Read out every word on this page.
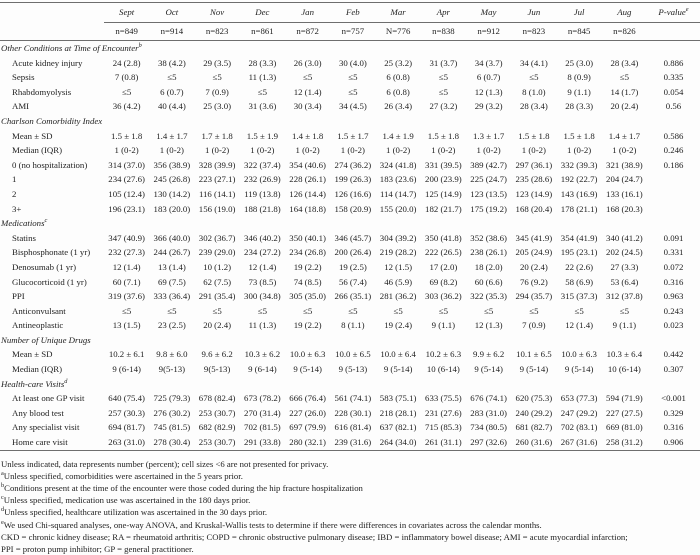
	Sept	Oct	Nov	Dec	Jan	Feb	Mar	Apr	May	Jun	Jul	Aug	P-value$^e$
	n=849	n=914	n=823	n=861	n=872	n=757	N=776	n=838	n=912	n=823	n=845	n=826	
Other Conditions at Time of Encounter$^b$
Acute kidney injury	24 (2.8)	38 (4.2)	29 (3.5)	28 (3.3)	26 (3.0)	30 (4.0)	25 (3.2)	31 (3.7)	34 (3.7)	34 (4.1)	25 (3.0)	28 (3.4)	0.886
Sepsis	7 (0.8)	≤5	≤5	11 (1.3)	≤5	≤5	6 (0.8)	≤5	6 (0.7)	≤5	8 (0.9)	≤5	0.335
Rhabdomyolysis	≤5	6 (0.7)	7 (0.9)	≤5	12 (1.4)	≤5	6 (0.8)	≤5	12 (1.3)	8 (1.0)	9 (1.1)	14 (1.7)	0.054
AMI	36 (4.2)	40 (4.4)	25 (3.0)	31 (3.6)	30 (3.4)	34 (4.5)	26 (3.4)	27 (3.2)	29 (3.2)	28 (3.4)	28 (3.3)	20 (2.4)	0.56
Charlson Comorbidity Index													
Mean ± SD	1.5 ± 1.8	1.4 ± 1.7	1.7 ± 1.8	1.5 ± 1.9	1.4 ± 1.8	1.5 ± 1.7	1.4 ± 1.9	1.5 ± 1.8	1.3 ± 1.7	1.5 ± 1.8	1.5 ± 1.8	1.4 ± 1.7	0.586
Median (IQR)	1 (0-2)	1 (0-2)	1 (0-2)	1 (0-2)	1 (0-2)	1 (0-2)	1 (0-2)	1 (0-2)	1 (0-2)	1 (0-2)	1 (0-2)	1 (0-2)	0.246
0 (no hospitalization)	314 (37.0)	356 (38.9)	328 (39.9)	322 (37.4)	354 (40.6)	274 (36.2)	324 (41.8)	331 (39.5)	389 (42.7)	297 (36.1)	332 (39.3)	321 (38.9)	0.186
1	234 (27.6)	245 (26.8)	223 (27.1)	232 (26.9)	228 (26.1)	199 (26.3)	183 (23.6)	200 (23.9)	225 (24.7)	235 (28.6)	192 (22.7)	204 (24.7)	
2	105 (12.4)	130 (14.2)	116 (14.1)	119 (13.8)	126 (14.4)	126 (16.6)	114 (14.7)	125 (14.9)	123 (13.5)	123 (14.9)	143 (16.9)	133 (16.1)	
3+	196 (23.1)	183 (20.0)	156 (19.0)	188 (21.8)	164 (18.8)	158 (20.9)	155 (20.0)	182 (21.7)	175 (19.2)	168 (20.4)	178 (21.1)	168 (20.3)	
Medications$^c$
Statins	347 (40.9)	366 (40.0)	302 (36.7)	346 (40.2)	350 (40.1)	346 (45.7)	304 (39.2)	350 (41.8)	352 (38.6)	345 (41.9)	354 (41.9)	340 (41.2)	0.091
Bisphosphonate (1 yr)	232 (27.3)	244 (26.7)	239 (29.0)	234 (27.2)	234 (26.8)	200 (26.4)	219 (28.2)	222 (26.5)	238 (26.1)	205 (24.9)	195 (23.1)	202 (24.5)	0.331
Denosumab (1 yr)	12 (1.4)	13 (1.4)	10 (1.2)	12 (1.4)	19 (2.2)	19 (2.5)	12 (1.5)	17 (2.0)	18 (2.0)	20 (2.4)	22 (2.6)	27 (3.3)	0.072
Glucocorticoid (1 yr)	60 (7.1)	69 (7.5)	62 (7.5)	73 (8.5)	74 (8.5)	56 (7.4)	46 (5.9)	69 (8.2)	60 (6.6)	76 (9.2)	58 (6.9)	53 (6.4)	0.316
PPI	319 (37.6)	333 (36.4)	291 (35.4)	300 (34.8)	305 (35.0)	266 (35.1)	281 (36.2)	303 (36.2)	322 (35.3)	294 (35.7)	315 (37.3)	312 (37.8)	0.963
Anticonvulsant	≤5	≤5	≤5	≤5	≤5	≤5	≤5	≤5	≤5	≤5	≤5	≤5	0.243
Antineoplastic	13 (1.5)	23 (2.5)	20 (2.4)	11 (1.3)	19 (2.2)	8 (1.1)	19 (2.4)	9 (1.1)	12 (1.3)	7 (0.9)	12 (1.4)	9 (1.1)	0.023
Number of Unique Drugs													
Mean ± SD	10.2 ± 6.1	9.8 ± 6.0	9.6 ± 6.2	10.3 ± 6.2	10.0 ± 6.3	10.0 ± 6.5	10.0 ± 6.4	10.2 ± 6.3	9.9 ± 6.2	10.1 ± 6.5	10.0 ± 6.3	10.3 ± 6.4	0.442
Median (IQR)	9 (6-14)	9(5-13)	9(5-13)	9 (6-14)	9 (5-14)	9 (5-13)	9 (5-14)	10 (6-14)	9 (5-14)	9 (5-14)	9 (5-14)	10 (6-14)	0.307
Health-care Visits$^d$
At least one GP visit	640 (75.4)	725 (79.3)	678 (82.4)	673 (78.2)	666 (76.4)	561 (74.1)	583 (75.1)	633 (75.5)	676 (74.1)	620 (75.3)	653 (77.3)	594 (71.9)	<0.001
Any blood test	257 (30.3)	276 (30.2)	253 (30.7)	270 (31.4)	227 (26.0)	228 (30.1)	218 (28.1)	231 (27.6)	283 (31.0)	240 (29.2)	247 (29.2)	227 (27.5)	0.329
Any specialist visit	694 (81.7)	745 (81.5)	682 (82.9)	702 (81.5)	697 (79.9)	616 (81.4)	637 (82.1)	715 (85.3)	734 (80.5)	681 (82.7)	702 (83.1)	669 (81.0)	0.316
Home care visit	263 (31.0)	278 (30.4)	253 (30.7)	291 (33.8)	280 (32.1)	239 (31.6)	264 (34.0)	261 (31.1)	297 (32.6)	260 (31.6)	267 (31.6)	258 (31.2)	0.906
Unless indicated, data represents number (percent); cell sizes <6 are not presented for privacy.
$^a$Unless specified, comorbidities were ascertained in the 5 years prior.
$^b$Conditions present at the time of the encounter were those coded during the hip fracture hospitalization
$^c$Unless specified, medication use was ascertained in the 180 days prior.
$^d$Unless specified, healthcare utilization was ascertained in the 30 days prior.
$^e$We used Chi-squared analyses, one-way ANOVA, and Kruskal-Wallis tests to determine if there were differences in covariates across the calendar months.
CKD = chronic kidney disease; RA = rheumatoid arthritis; COPD = chronic obstructive pulmonary disease; IBD = inflammatory bowel disease; AMI = acute myocardial infarction;
PPI = proton pump inhibitor; GP = general practitioner.
